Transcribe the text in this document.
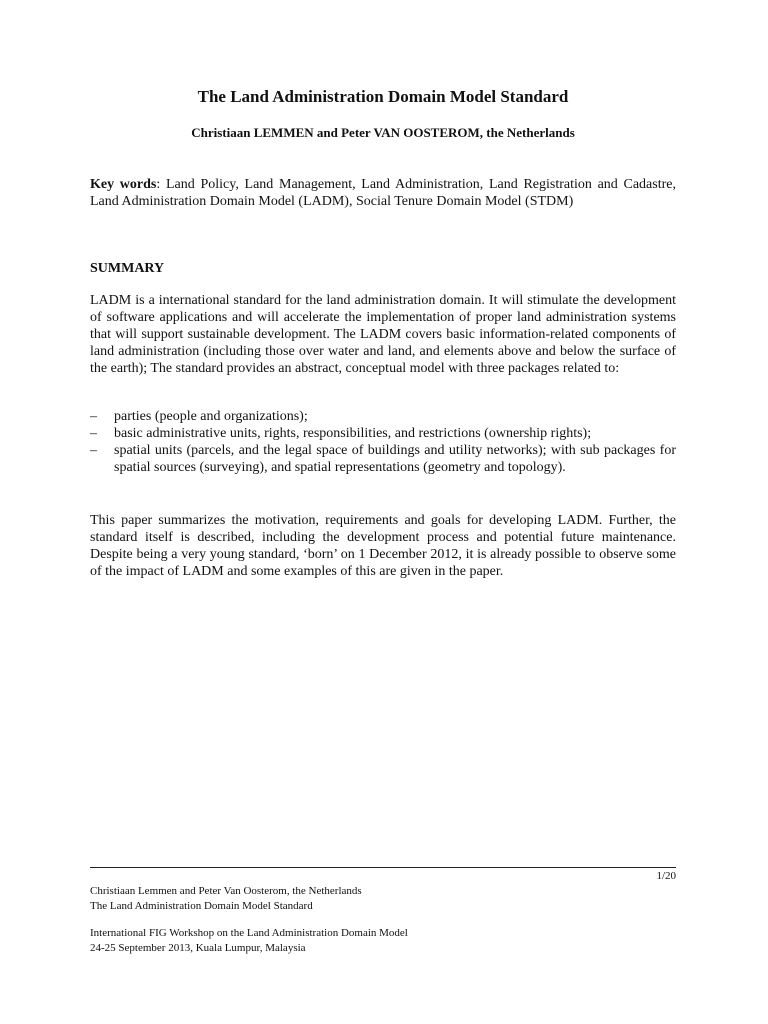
The Land Administration Domain Model Standard
Christiaan LEMMEN and Peter VAN OOSTEROM, the Netherlands

Key words: Land Policy, Land Management, Land Administration, Land Registration and Cadastre, Land Administration Domain Model (LADM), Social Tenure Domain Model (STDM)

SUMMARY

LADM is a international standard for the land administration domain. It will stimulate the development of software applications and will accelerate the implementation of proper land administration systems that will support sustainable development. The LADM covers basic information-related components of land administration (including those over water and land, and elements above and below the surface of the earth); The standard provides an abstract, conceptual model with three packages related to:

– parties (people and organizations);
– basic administrative units, rights, responsibilities, and restrictions (ownership rights);
– spatial units (parcels, and the legal space of buildings and utility networks); with sub packages for spatial sources (surveying), and spatial representations (geometry and topology).

This paper summarizes the motivation, requirements and goals for developing LADM. Further, the standard itself is described, including the development process and potential future maintenance. Despite being a very young standard, ‘born’ on 1 December 2012, it is already possible to observe some of the impact of LADM and some examples of this are given in the paper.

1/20
Christiaan Lemmen and Peter Van Oosterom, the Netherlands
The Land Administration Domain Model Standard
International FIG Workshop on the Land Administration Domain Model
24-25 September 2013, Kuala Lumpur, Malaysia
